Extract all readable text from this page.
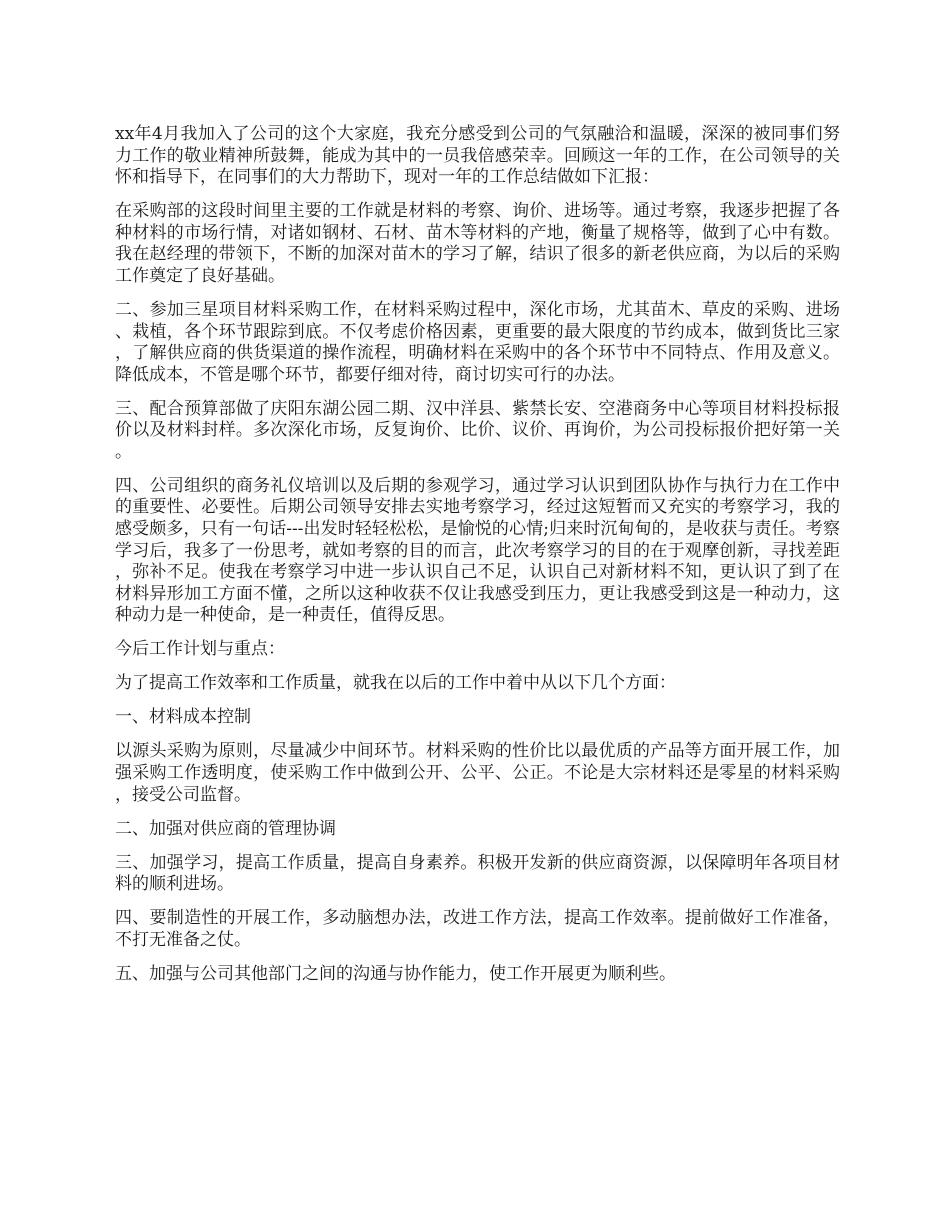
xx年4月我加入了公司的这个大家庭，我充分感受到公司的气氛融洽和温暖，深深的被同事们努力工作的敬业精神所鼓舞，能成为其中的一员我倍感荣幸。回顾这一年的工作，在公司领导的关怀和指导下，在同事们的大力帮助下，现对一年的工作总结做如下汇报：

在采购部的这段时间里主要的工作就是材料的考察、询价、进场等。通过考察，我逐步把握了各种材料的市场行情，对诸如钢材、石材、苗木等材料的产地，衡量了规格等，做到了心中有数。我在赵经理的带领下，不断的加深对苗木的学习了解，结识了很多的新老供应商，为以后的采购工作奠定了良好基础。

二、参加三星项目材料采购工作，在材料采购过程中，深化市场，尤其苗木、草皮的采购、进场、栽植，各个环节跟踪到底。不仅考虑价格因素，更重要的最大限度的节约成本，做到货比三家，了解供应商的供货渠道的操作流程，明确材料在采购中的各个环节中不同特点、作用及意义。降低成本，不管是哪个环节，都要仔细对待，商讨切实可行的办法。

三、配合预算部做了庆阳东湖公园二期、汉中洋县、紫禁长安、空港商务中心等项目材料投标报价以及材料封样。多次深化市场，反复询价、比价、议价、再询价，为公司投标报价把好第一关。

四、公司组织的商务礼仪培训以及后期的参观学习，通过学习认识到团队协作与执行力在工作中的重要性、必要性。后期公司领导安排去实地考察学习，经过这短暂而又充实的考察学习，我的感受颇多，只有一句话---出发时轻轻松松，是愉悦的心情;归来时沉甸甸的，是收获与责任。考察学习后，我多了一份思考，就如考察的目的而言，此次考察学习的目的在于观摩创新，寻找差距，弥补不足。使我在考察学习中进一步认识自己不足，认识自己对新材料不知，更认识了到了在材料异形加工方面不懂，之所以这种收获不仅让我感受到压力，更让我感受到这是一种动力，这种动力是一种使命，是一种责任，值得反思。

今后工作计划与重点：

为了提高工作效率和工作质量，就我在以后的工作中着中从以下几个方面：

一、材料成本控制

以源头采购为原则，尽量减少中间环节。材料采购的性价比以最优质的产品等方面开展工作，加强采购工作透明度，使采购工作中做到公开、公平、公正。不论是大宗材料还是零星的材料采购，接受公司监督。

二、加强对供应商的管理协调

三、加强学习，提高工作质量，提高自身素养。积极开发新的供应商资源，以保障明年各项目材料的顺利进场。

四、要制造性的开展工作，多动脑想办法，改进工作方法，提高工作效率。提前做好工作准备，不打无准备之仗。

五、加强与公司其他部门之间的沟通与协作能力，使工作开展更为顺利些。
